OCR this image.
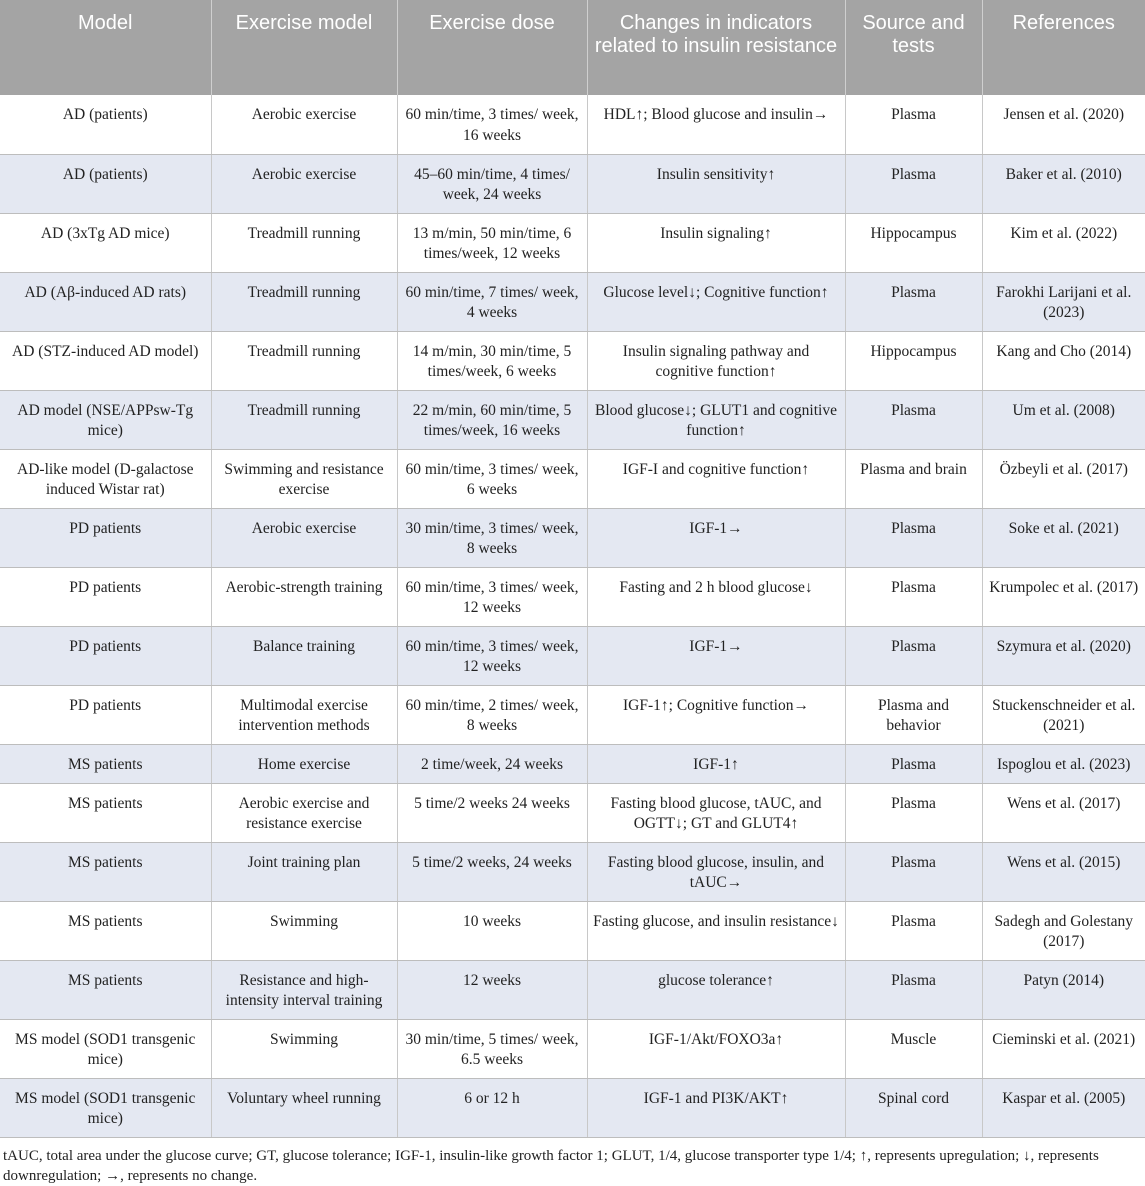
Model	Exercise model	Exercise dose	Changes in indicators related to insulin resistance	Source and tests	References
AD (patients)	Aerobic exercise	60 min/time, 3 times/ week, 16 weeks	HDL↑; Blood glucose and insulin→	Plasma	Jensen et al. (2020)
AD (patients)	Aerobic exercise	45–60 min/time, 4 times/ week, 24 weeks	Insulin sensitivity↑	Plasma	Baker et al. (2010)
AD (3xTg AD mice)	Treadmill running	13 m/min, 50 min/time, 6 times/week, 12 weeks	Insulin signaling↑	Hippocampus	Kim et al. (2022)
AD (Aβ-induced AD rats)	Treadmill running	60 min/time, 7 times/ week, 4 weeks	Glucose level↓; Cognitive function↑	Plasma	Farokhi Larijani et al. (2023)
AD (STZ-induced AD model)	Treadmill running	14 m/min, 30 min/time, 5 times/week, 6 weeks	Insulin signaling pathway and cognitive function↑	Hippocampus	Kang and Cho (2014)
AD model (NSE/APPsw-Tg mice)	Treadmill running	22 m/min, 60 min/time, 5 times/week, 16 weeks	Blood glucose↓; GLUT1 and cognitive function↑	Plasma	Um et al. (2008)
AD-like model (D-galactose induced Wistar rat)	Swimming and resistance exercise	60 min/time, 3 times/ week, 6 weeks	IGF-I and cognitive function↑	Plasma and brain	Özbeyli et al. (2017)
PD patients	Aerobic exercise	30 min/time, 3 times/ week, 8 weeks	IGF-1→	Plasma	Soke et al. (2021)
PD patients	Aerobic-strength training	60 min/time, 3 times/ week, 12 weeks	Fasting and 2 h blood glucose↓	Plasma	Krumpolec et al. (2017)
PD patients	Balance training	60 min/time, 3 times/ week, 12 weeks	IGF-1→	Plasma	Szymura et al. (2020)
PD patients	Multimodal exercise intervention methods	60 min/time, 2 times/ week, 8 weeks	IGF-1↑; Cognitive function→	Plasma and behavior	Stuckenschneider et al. (2021)
MS patients	Home exercise	2 time/week, 24 weeks	IGF-1↑	Plasma	Ispoglou et al. (2023)
MS patients	Aerobic exercise and resistance exercise	5 time/2 weeks 24 weeks	Fasting blood glucose, tAUC, and OGTT↓; GT and GLUT4↑	Plasma	Wens et al. (2017)
MS patients	Joint training plan	5 time/2 weeks, 24 weeks	Fasting blood glucose, insulin, and tAUC→	Plasma	Wens et al. (2015)
MS patients	Swimming	10 weeks	Fasting glucose, and insulin resistance↓	Plasma	Sadegh and Golestany (2017)
MS patients	Resistance and high-intensity interval training	12 weeks	glucose tolerance↑	Plasma	Patyn (2014)
MS model (SOD1 transgenic mice)	Swimming	30 min/time, 5 times/ week, 6.5 weeks	IGF-1/Akt/FOXO3a↑	Muscle	Cieminski et al. (2021)
MS model (SOD1 transgenic mice)	Voluntary wheel running	6 or 12 h	IGF-1 and PI3K/AKT↑	Spinal cord	Kaspar et al. (2005)

tAUC, total area under the glucose curve; GT, glucose tolerance; IGF-1, insulin-like growth factor 1; GLUT, 1/4, glucose transporter type 1/4; ↑, represents upregulation; ↓, represents downregulation; →, represents no change.
